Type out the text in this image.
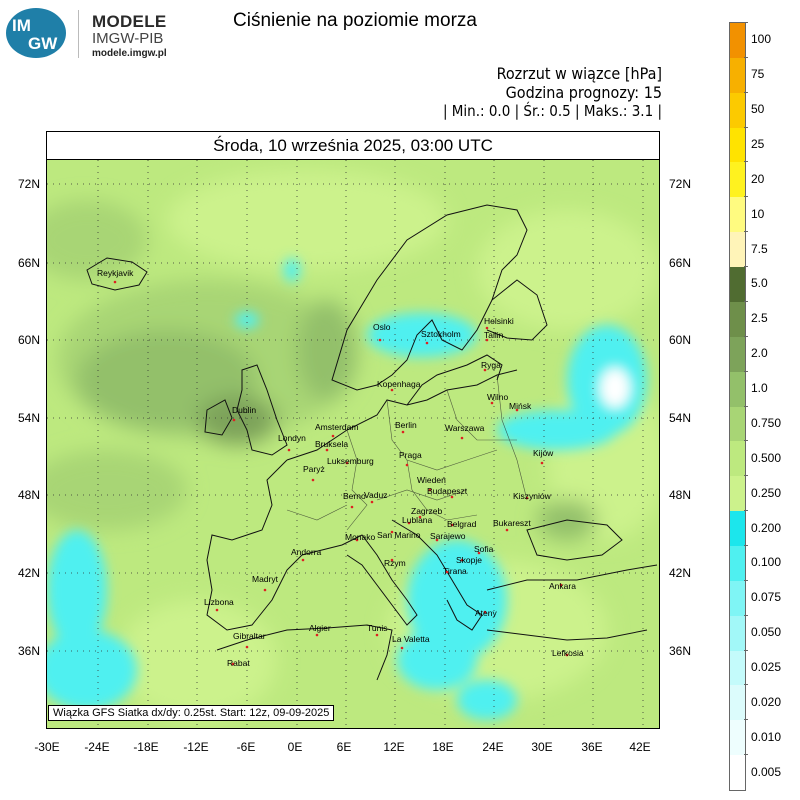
IM
GW
MODELE
IMGW-PIB
modele.imgw.pl
Ciśnienie na poziomie morza
Rozrzut w wiązce [hPa]
Godzina prognozy: 15
| Min.: 0.0 | Śr.: 0.5 | Maks.: 3.1 |
Środa, 10 września 2025, 03:00 UTC
Reykjavik
Oslo
Sztokholm
Helsinki
Tallin
Ryga
Kopenhaga
Wilno
Mińsk
Dublin
Amsterdam	Berlin	Warszawa
Londyn
Bruksela
Luksemburg
Praga	Kijów
Paryż
Wiedeń
Berno
Vaduz	Budapeszt	Kiszyniów
Zagrzeb
Lublana Belgrad Bukareszt
Monako San Marino Sarajewo
Andorra
Rzym
Sofia
Skopje
Tirana
Madryt
Ankara
Ateny
Lizbona
Algier	Tunis
Gibraltar	La Valetta
Lefkosia
Rabat
Wiązka GFS Siatka dx/dy: 0.25st. Start: 12z, 09-09-2025
72N
66N
60N
54N
48N
42N
36N
72N
66N
60N
54N
48N
42N
36N
-30E	-24E	-18E	-12E	-6E	0E	6E	12E	18E	24E	30E	36E	42E
100
75
50
25
20
10
7.5
5.0
2.5
2.0
1.0
0.750
0.500
0.250
0.200
0.100
0.075
0.050
0.025
0.020
0.010
0.005
